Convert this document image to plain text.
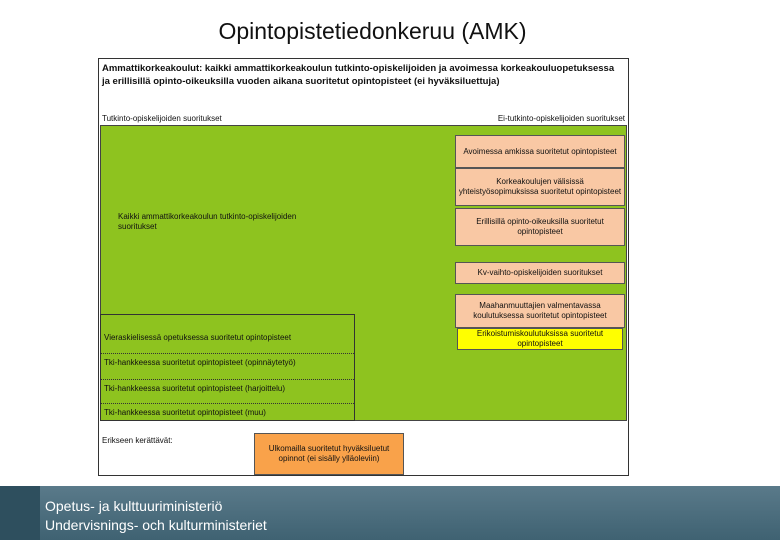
Opintopistetiedonkeruu (AMK)
Ammattikorkeakoulut: kaikki ammattikorkeakoulun tutkinto-opiskelijoiden ja avoimessa korkeakouluopetuksessa ja erillisillä opinto-oikeuksilla vuoden aikana suoritetut opintopisteet (ei hyväksiluettuja)
Tutkinto-opiskelijoiden suoritukset	Ei-tutkinto-opiskelijoiden suoritukset
Kaikki ammattikorkeakoulun tutkinto-opiskelijoiden suoritukset
Avoimessa amkissa suoritetut opintopisteet
Korkeakoulujen välisissä yhteistyösopimuksissa suoritetut opintopisteet
Erillisillä opinto-oikeuksilla suoritetut opintopisteet
Kv-vaihto-opiskelijoiden suoritukset
Maahanmuuttajien valmentavassa koulutuksessa suoritetut opintopisteet
Erikoistumiskoulutuksissa suoritetut opintopisteet
Vieraskielisessä opetuksessa suoritetut opintopisteet
Tki-hankkeessa suoritetut opintopisteet (opinnäytetyö)
Tki-hankkeessa suoritetut opintopisteet (harjoittelu)
Tki-hankkeessa suoritetut opintopisteet (muu)
Erikseen kerättävät:
Ulkomailla suoritetut hyväksiluetut opinnot (ei sisälly ylläoleviin)
Opetus- ja kulttuuriministeriö
Undervisnings- och kulturministeriet
